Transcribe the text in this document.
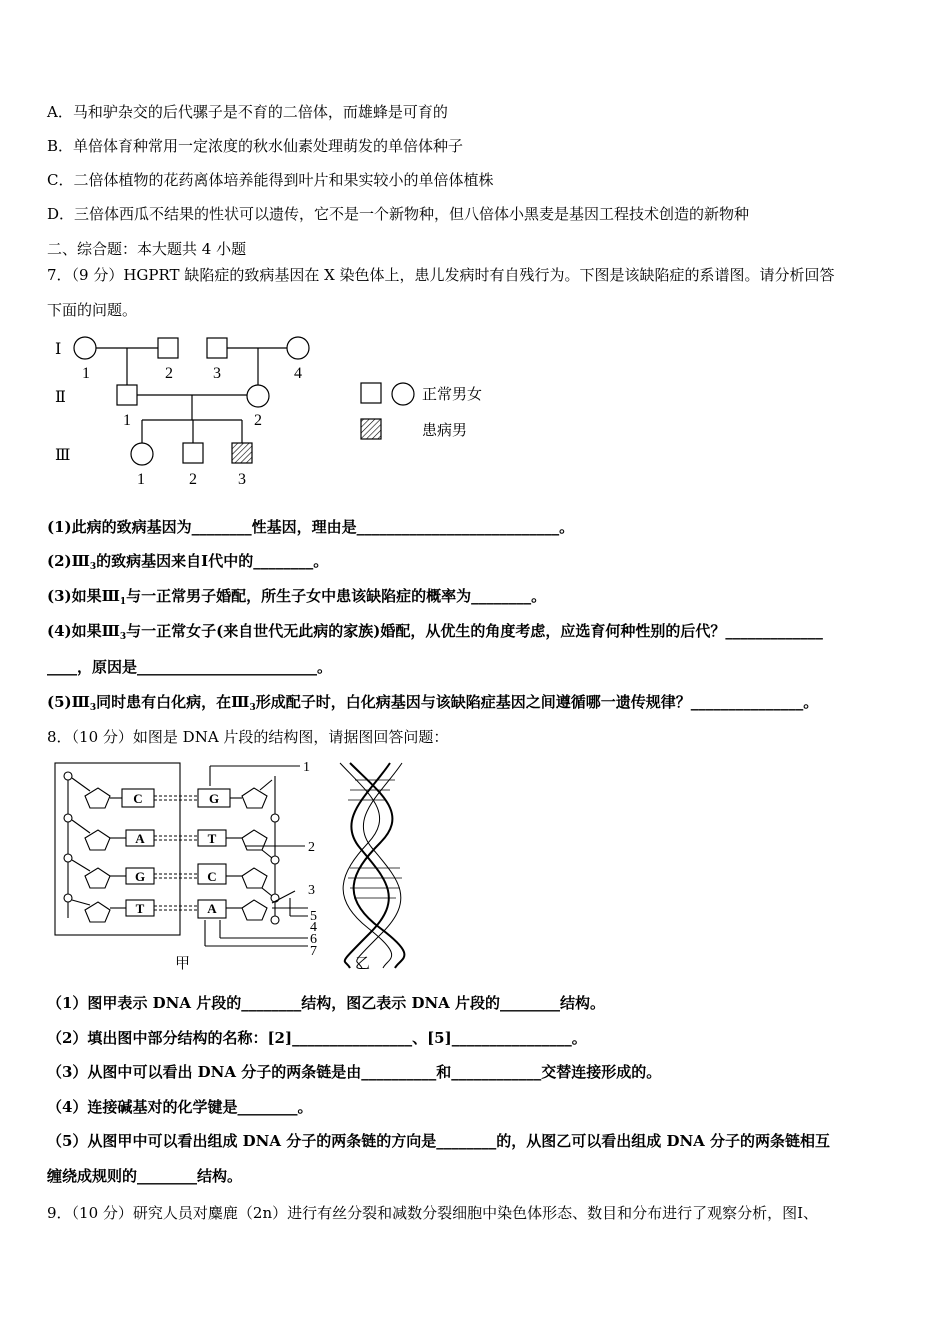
A．马和驴杂交的后代骡子是不育的二倍体，而雄蜂是可育的
B．单倍体育种常用一定浓度的秋水仙素处理萌发的单倍体种子
C．二倍体植物的花药离体培养能得到叶片和果实较小的单倍体植株
D．三倍体西瓜不结果的性状可以遗传，它不是一个新物种，但八倍体小黑麦是基因工程技术创造的新物种
二、综合题：本大题共 4 小题
7．（9 分）HGPRT 缺陷症的致病基因在 X 染色体上，患儿发病时有自残行为。下图是该缺陷症的系谱图。请分析回答
下面的问题。
Ⅰ
Ⅱ
Ⅲ
1	2	3	4
1	2
1	2	3
正常男女
患病男
(1)此病的致病基因为________性基因，理由是___________________________。
$(2)Ⅲ_3$的致病基因来自Ⅰ代中的________。
(3)如果$Ⅲ_1$与一正常男子婚配，所生子女中患该缺陷症的概率为________。
(4)如果$Ⅲ_3$与一正常女子(来自世代无此病的家族)婚配，从优生的角度考虑，应选育何种性别的后代？_____________
____，原因是________________________。
$(5)Ⅲ_3$同时患有白化病，在$Ⅲ_3$形成配子时，白化病基因与该缺陷症基因之间遵循哪一遗传规律？_______________。
8．（10 分）如图是 DNA 片段的结构图，请据图回答问题：
C
A
G
T
G
T
C
A
1
2
3
5
4
6
7
甲	乙
（1）图甲表示 DNA 片段的________结构，图乙表示 DNA 片段的________结构。
（2）填出图中部分结构的名称：[2]________________、[5]________________。
（3）从图中可以看出 DNA 分子的两条链是由__________和____________交替连接形成的。
（4）连接碱基对的化学键是________。
（5）从图甲中可以看出组成 DNA 分子的两条链的方向是________的，从图乙可以看出组成 DNA 分子的两条链相互
缠绕成规则的________结构。
9．（10 分）研究人员对麋鹿（2n）进行有丝分裂和减数分裂细胞中染色体形态、数目和分布进行了观察分析，图Ⅰ、
